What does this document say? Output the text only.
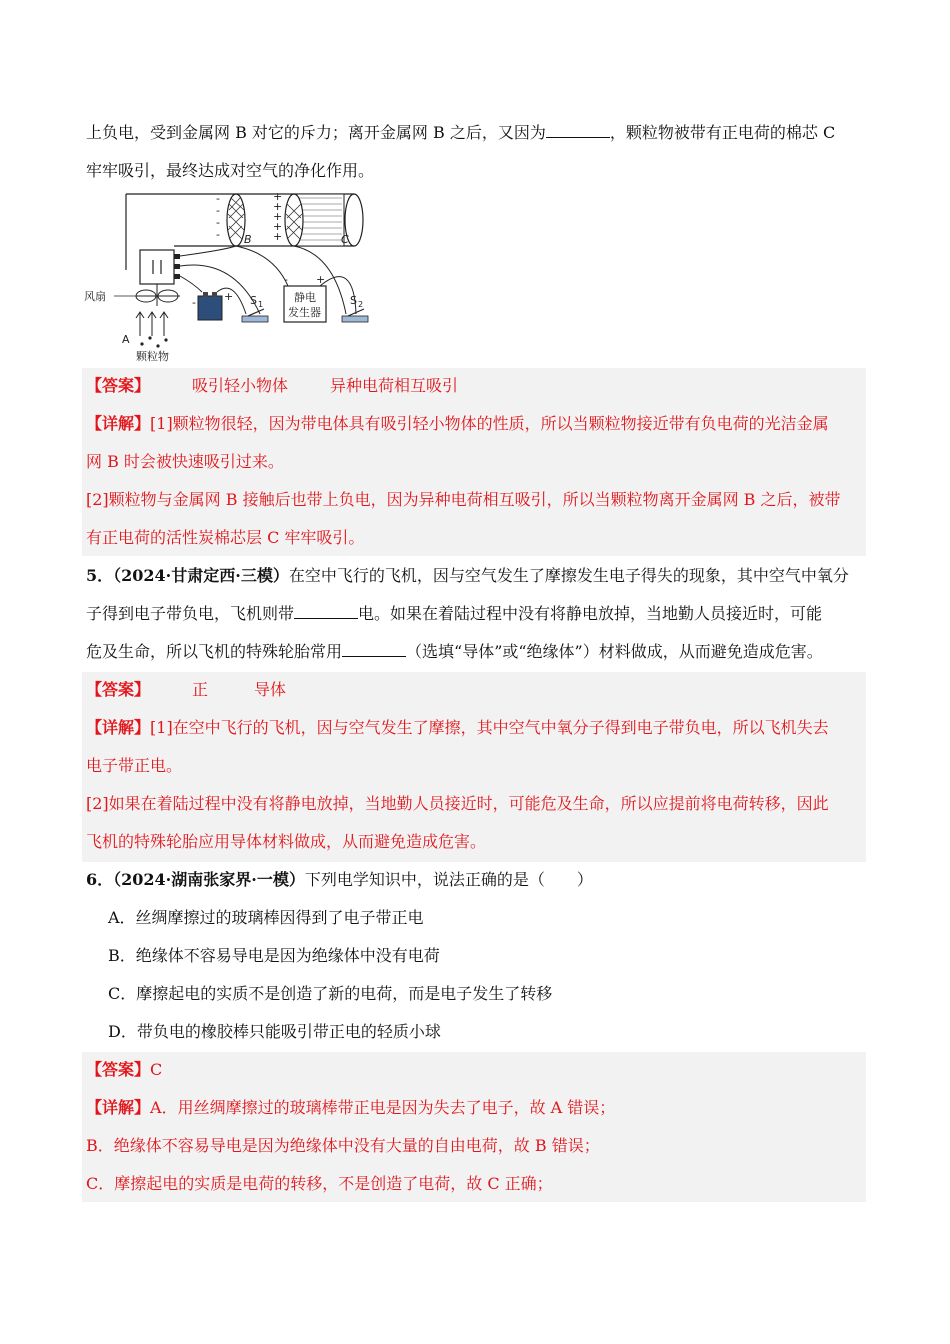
上负电，受到金属网 B 对它的斥力；离开金属网 B 之后，又因为	，颗粒物被带有正电荷的棉芯 C
牢牢吸引，最终达成对空气的净化作用。
-
-
-
-
+
+
+
+
+
B	C
风扇
A
颗粒物
-	+ S 1
静电
发生器
-	+
S 2
【答案】	吸引轻小物体	异种电荷相互吸引
【详解】[1]颗粒物很轻，因为带电体具有吸引轻小物体的性质，所以当颗粒物接近带有负电荷的光洁金属
网 B 时会被快速吸引过来。
[2]颗粒物与金属网 B 接触后也带上负电，因为异种电荷相互吸引，所以当颗粒物离开金属网 B 之后，被带
有正电荷的活性炭棉芯层 C 牢牢吸引。
5．（2024·甘肃定西·三模）在空中飞行的飞机，因与空气发生了摩擦发生电子得失的现象，其中空气中氧分
子得到电子带负电，飞机则带	电。如果在着陆过程中没有将静电放掉，当地勤人员接近时，可能
危及生命，所以飞机的特殊轮胎常用	（选填“导体”或“绝缘体”）材料做成，从而避免造成危害。
【答案】	正	导体
【详解】[1]在空中飞行的飞机，因与空气发生了摩擦，其中空气中氧分子得到电子带负电，所以飞机失去
电子带正电。
[2]如果在着陆过程中没有将静电放掉，当地勤人员接近时，可能危及生命，所以应提前将电荷转移，因此
飞机的特殊轮胎应用导体材料做成，从而避免造成危害。
6．（2024·湖南张家界·一模）下列电学知识中，说法正确的是（　　）
A．丝绸摩擦过的玻璃棒因得到了电子带正电
B．绝缘体不容易导电是因为绝缘体中没有电荷
C．摩擦起电的实质不是创造了新的电荷，而是电子发生了转移
D．带负电的橡胶棒只能吸引带正电的轻质小球
【答案】C
【详解】A．用丝绸摩擦过的玻璃棒带正电是因为失去了电子，故 A 错误；
B．绝缘体不容易导电是因为绝缘体中没有大量的自由电荷，故 B 错误；
C．摩擦起电的实质是电荷的转移，不是创造了电荷，故 C 正确；
